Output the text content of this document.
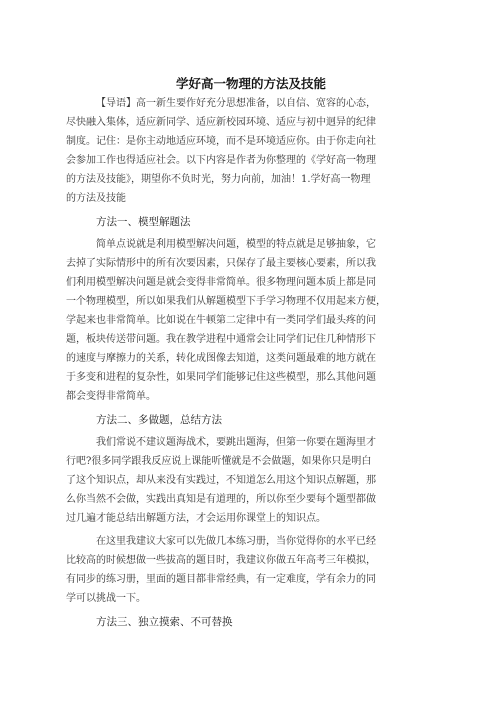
学好高一物理的方法及技能
【导语】高一新生要作好充分思想准备，以自信、宽容的心态，
尽快融入集体，适应新同学、适应新校园环境、适应与初中迥异的纪律
制度。记住：是你主动地适应环境，而不是环境适应你。由于你走向社
会参加工作也得适应社会。以下内容是作者为你整理的《学好高一物理
的方法及技能》，期望你不负时光，努力向前，加油！1.学好高一物理
的方法及技能
方法一、模型解题法
简单点说就是利用模型解决问题，模型的特点就是足够抽象，它
去掉了实际情形中的所有次要因素，只保存了最主要核心要素，所以我
们利用模型解决问题是就会变得非常简单。很多物理问题本质上都是同
一个物理模型，所以如果我们从解题模型下手学习物理不仅用起来方便，
学起来也非常简单。比如说在牛顿第二定律中有一类同学们最头疼的问
题，板块传送带问题。我在教学进程中通常会让同学们记住几种情形下
的速度与摩擦力的关系，转化成图像去知道，这类问题最难的地方就在
于多变和进程的复杂性，如果同学们能够记住这些模型，那么其他问题
都会变得非常简单。
方法二、多做题，总结方法
我们常说不建议题海战术，要跳出题海，但第一你要在题海里才
行吧?很多同学跟我反应说上课能听懂就是不会做题，如果你只是明白
了这个知识点，却从来没有实践过，不知道怎么用这个知识点解题，那
么你当然不会做，实践出真知是有道理的，所以你至少要每个题型都做
过几遍才能总结出解题方法，才会运用你课堂上的知识点。
在这里我建议大家可以先做几本练习册，当你觉得你的水平已经
比较高的时候想做一些拔高的题目时，我建议你做五年高考三年模拟，
有同步的练习册，里面的题目都非常经典，有一定难度，学有余力的同
学可以挑战一下。
方法三、独立摸索、不可替换
